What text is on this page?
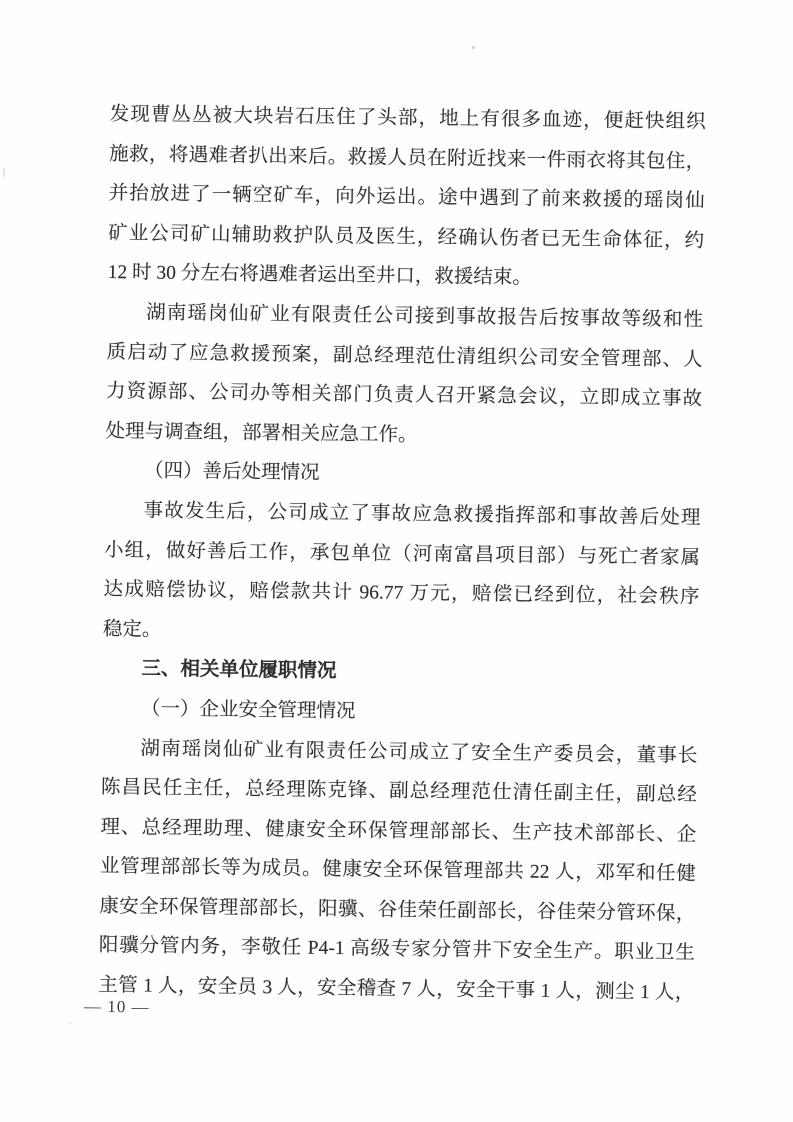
发现曹丛丛被大块岩石压住了头部，地上有很多血迹，便赶快组织
施救，将遇难者扒出来后。救援人员在附近找来一件雨衣将其包住，
并抬放进了一辆空矿车，向外运出。途中遇到了前来救援的瑶岗仙
矿业公司矿山辅助救护队员及医生，经确认伤者已无生命体征，约
12 时 30 分左右将遇难者运出至井口，救援结束。
湖南瑶岗仙矿业有限责任公司接到事故报告后按事故等级和性
质启动了应急救援预案，副总经理范仕清组织公司安全管理部、人
力资源部、公司办等相关部门负责人召开紧急会议，立即成立事故
处理与调查组，部署相关应急工作。
（四）善后处理情况
事故发生后，公司成立了事故应急救援指挥部和事故善后处理
小组，做好善后工作，承包单位（河南富昌项目部）与死亡者家属
达成赔偿协议，赔偿款共计 96.77 万元，赔偿已经到位，社会秩序
稳定。
三、相关单位履职情况
（一）企业安全管理情况
湖南瑶岗仙矿业有限责任公司成立了安全生产委员会，董事长
陈昌民任主任，总经理陈克锋、副总经理范仕清任副主任，副总经
理、总经理助理、健康安全环保管理部部长、生产技术部部长、企
业管理部部长等为成员。健康安全环保管理部共 22 人，邓军和任健
康安全环保管理部部长，阳骥、谷佳荣任副部长，谷佳荣分管环保，
阳骥分管内务，李敬任 P4-1 高级专家分管井下安全生产。职业卫生
主管 1 人，安全员 3 人，安全稽查 7 人，安全干事 1 人，测尘 1 人，
— 10 —
